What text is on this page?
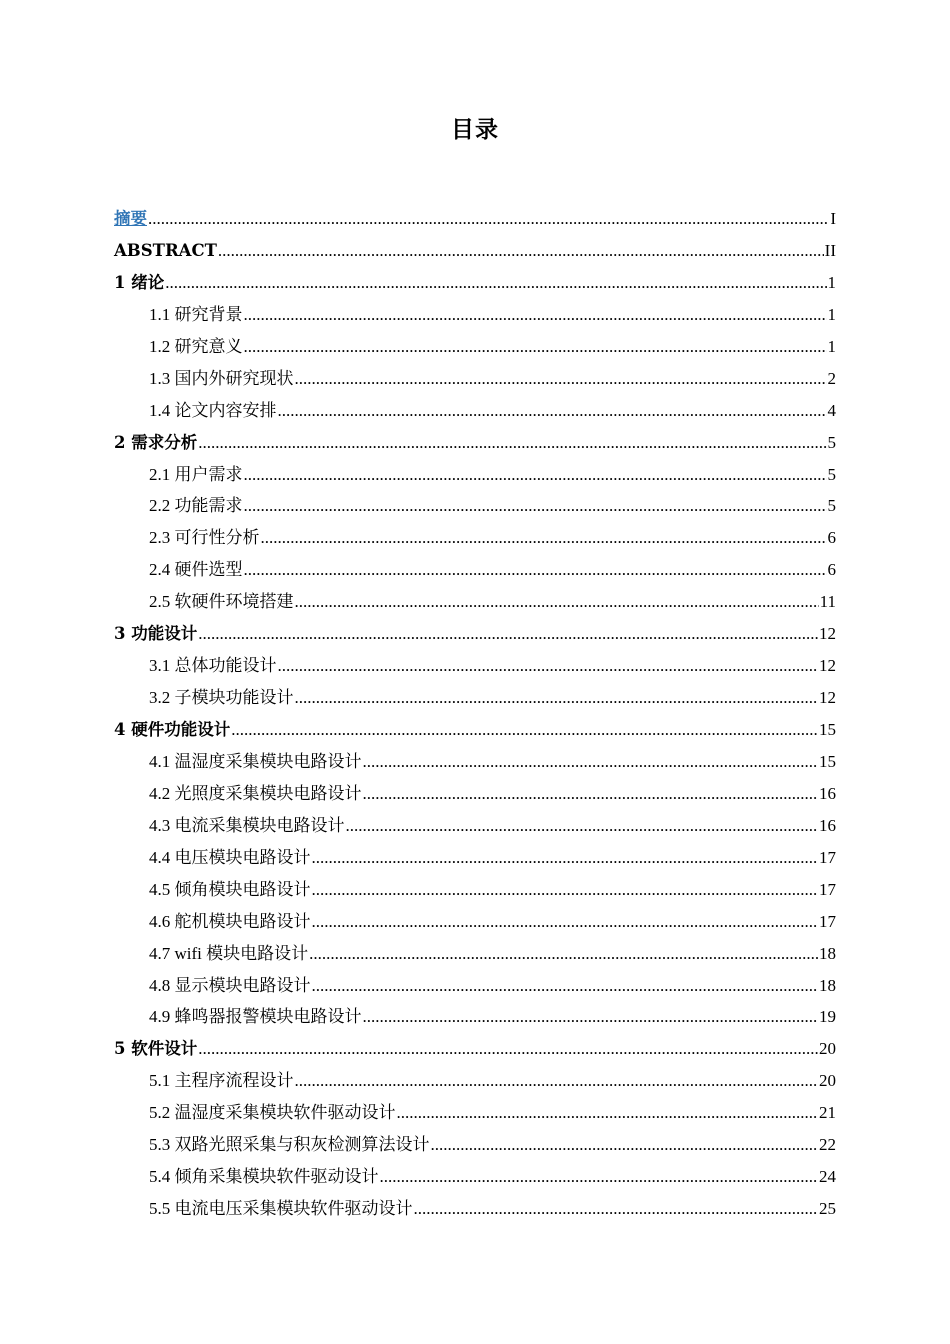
目录
摘要 .....	I
ABSTRACT .....	II
1 绪论 .....	1
1.1 研究背景 .....	1
1.2 研究意义 .....	1
1.3 国内外研究现状 .....	2
1.4 论文内容安排 .....	4
2 需求分析 .....	5
2.1 用户需求 .....	5
2.2 功能需求 .....	5
2.3 可行性分析 .....	6
2.4 硬件选型 .....	6
2.5 软硬件环境搭建 .....	11
3 功能设计 .....	12
3.1 总体功能设计 .....	12
3.2 子模块功能设计 .....	12
4 硬件功能设计 .....	15
4.1 温湿度采集模块电路设计 .....	15
4.2 光照度采集模块电路设计 .....	16
4.3 电流采集模块电路设计 .....	16
4.4 电压模块电路设计 .....	17
4.5 倾角模块电路设计 .....	17
4.6 舵机模块电路设计 .....	17
4.7 wifi 模块电路设计 .....	18
4.8 显示模块电路设计 .....	18
4.9 蜂鸣器报警模块电路设计 .....	19
5 软件设计 .....	20
5.1 主程序流程设计 .....	20
5.2 温湿度采集模块软件驱动设计 .....	21
5.3 双路光照采集与积灰检测算法设计 .....	22
5.4 倾角采集模块软件驱动设计 .....	24
5.5 电流电压采集模块软件驱动设计 .....	25
